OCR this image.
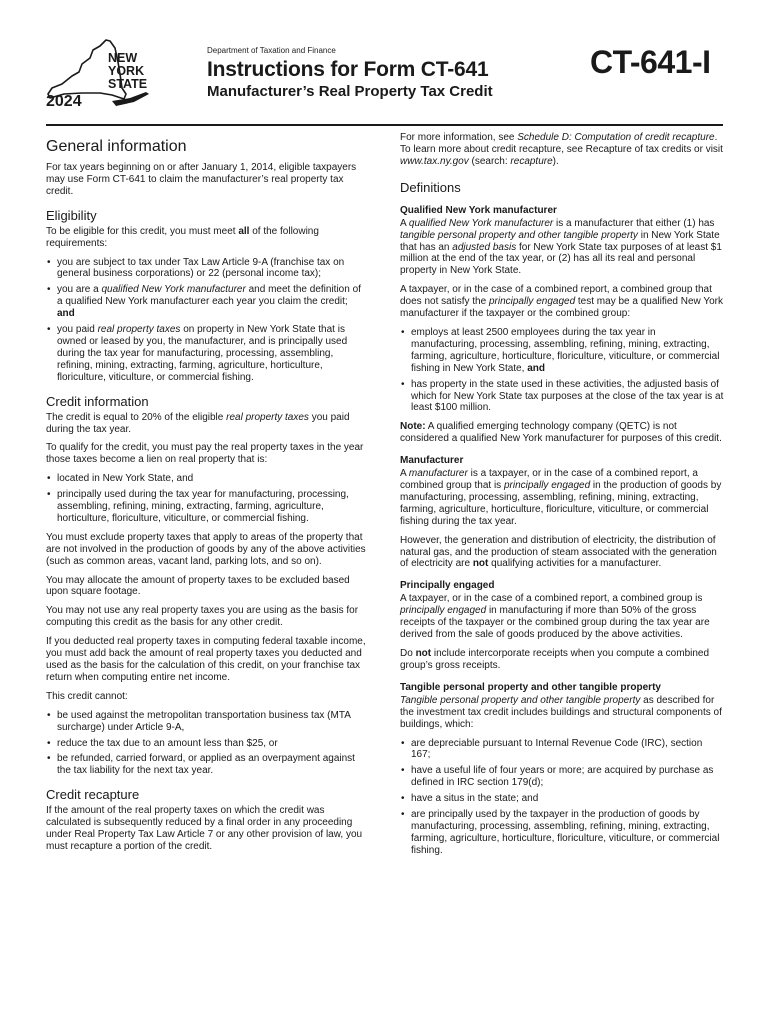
NEW
YORK
STATE
2024
Department of Taxation and Finance
Instructions for Form CT-641	CT-641-I
Manufacturer’s Real Property Tax Credit
General information

For tax years beginning on or after January 1, 2014, eligible taxpayers may use Form CT-641 to claim the manufacturer’s real property tax credit.

Eligibility

To be eligible for this credit, you must meet all of the following requirements:

• you are subject to tax under Tax Law Article 9-A (franchise tax on general business corporations) or 22 (personal income tax);
• you are a qualified New York manufacturer and meet the definition of a qualified New York manufacturer each year you claim the credit; and
• you paid real property taxes on property in New York State that is owned or leased by you, the manufacturer, and is principally used during the tax year for manufacturing, processing, assembling, refining, mining, extracting, farming, agriculture, horticulture, floriculture, viticulture, or commercial fishing.
Credit information

The credit is equal to 20% of the eligible real property taxes you paid during the tax year.

To qualify for the credit, you must pay the real property taxes in the year those taxes become a lien on real property that is:

• located in New York State, and
• principally used during the tax year for manufacturing, processing, assembling, refining, mining, extracting, farming, agriculture, horticulture, floriculture, viticulture, or commercial fishing.

You must exclude property taxes that apply to areas of the property that are not involved in the production of goods by any of the above activities (such as common areas, vacant land, parking lots, and so on).

You may allocate the amount of property taxes to be excluded based upon square footage.

You may not use any real property taxes you are using as the basis for computing this credit as the basis for any other credit.

If you deducted real property taxes in computing federal taxable income, you must add back the amount of real property taxes you deducted and used as the basis for the calculation of this credit, on your franchise tax return when computing entire net income.

This credit cannot:

• be used against the metropolitan transportation business tax (MTA surcharge) under Article 9-A,
• reduce the tax due to an amount less than $25, or
• be refunded, carried forward, or applied as an overpayment against the tax liability for the next tax year.
Credit recapture

If the amount of the real property taxes on which the credit was calculated is subsequently reduced by a final order in any proceeding under Real Property Tax Law Article 7 or any other provision of law, you must recapture a portion of the credit.

For more information, see Schedule D: Computation of credit recapture. To learn more about credit recapture, see Recapture of tax credits or visit www.tax.ny.gov (search: recapture).

Definitions
Qualified New York manufacturer

A qualified New York manufacturer is a manufacturer that either (1) has tangible personal property and other tangible property in New York State that has an adjusted basis for New York State tax purposes of at least $1 million at the end of the tax year, or (2) has all its real and personal property in New York State.

A taxpayer, or in the case of a combined report, a combined group that does not satisfy the principally engaged test may be a qualified New York manufacturer if the taxpayer or the combined group:

• employs at least 2500 employees during the tax year in manufacturing, processing, assembling, refining, mining, extracting, farming, agriculture, horticulture, floriculture, viticulture, or commercial fishing in New York State, and
• has property in the state used in these activities, the adjusted basis of which for New York State tax purposes at the close of the tax year is at least $100 million.

Note: A qualified emerging technology company (QETC) is not considered a qualified New York manufacturer for purposes of this credit.

Manufacturer

A manufacturer is a taxpayer, or in the case of a combined report, a combined group that is principally engaged in the production of goods by manufacturing, processing, assembling, refining, mining, extracting, farming, agriculture, horticulture, floriculture, viticulture, or commercial fishing during the tax year.

However, the generation and distribution of electricity, the distribution of natural gas, and the production of steam associated with the generation of electricity are not qualifying activities for a manufacturer.

Principally engaged

A taxpayer, or in the case of a combined report, a combined group is principally engaged in manufacturing if more than 50% of the gross receipts of the taxpayer or the combined group during the tax year are derived from the sale of goods produced by the above activities.

Do not include intercorporate receipts when you compute a combined group’s gross receipts.

Tangible personal property and other tangible property

Tangible personal property and other tangible property as described for the investment tax credit includes buildings and structural components of buildings, which:

• are depreciable pursuant to Internal Revenue Code (IRC), section 167;
• have a useful life of four years or more; are acquired by purchase as defined in IRC section 179(d);
• have a situs in the state; and
• are principally used by the taxpayer in the production of goods by manufacturing, processing, assembling, refining, mining, extracting, farming, agriculture, horticulture, floriculture, viticulture, or commercial fishing.
